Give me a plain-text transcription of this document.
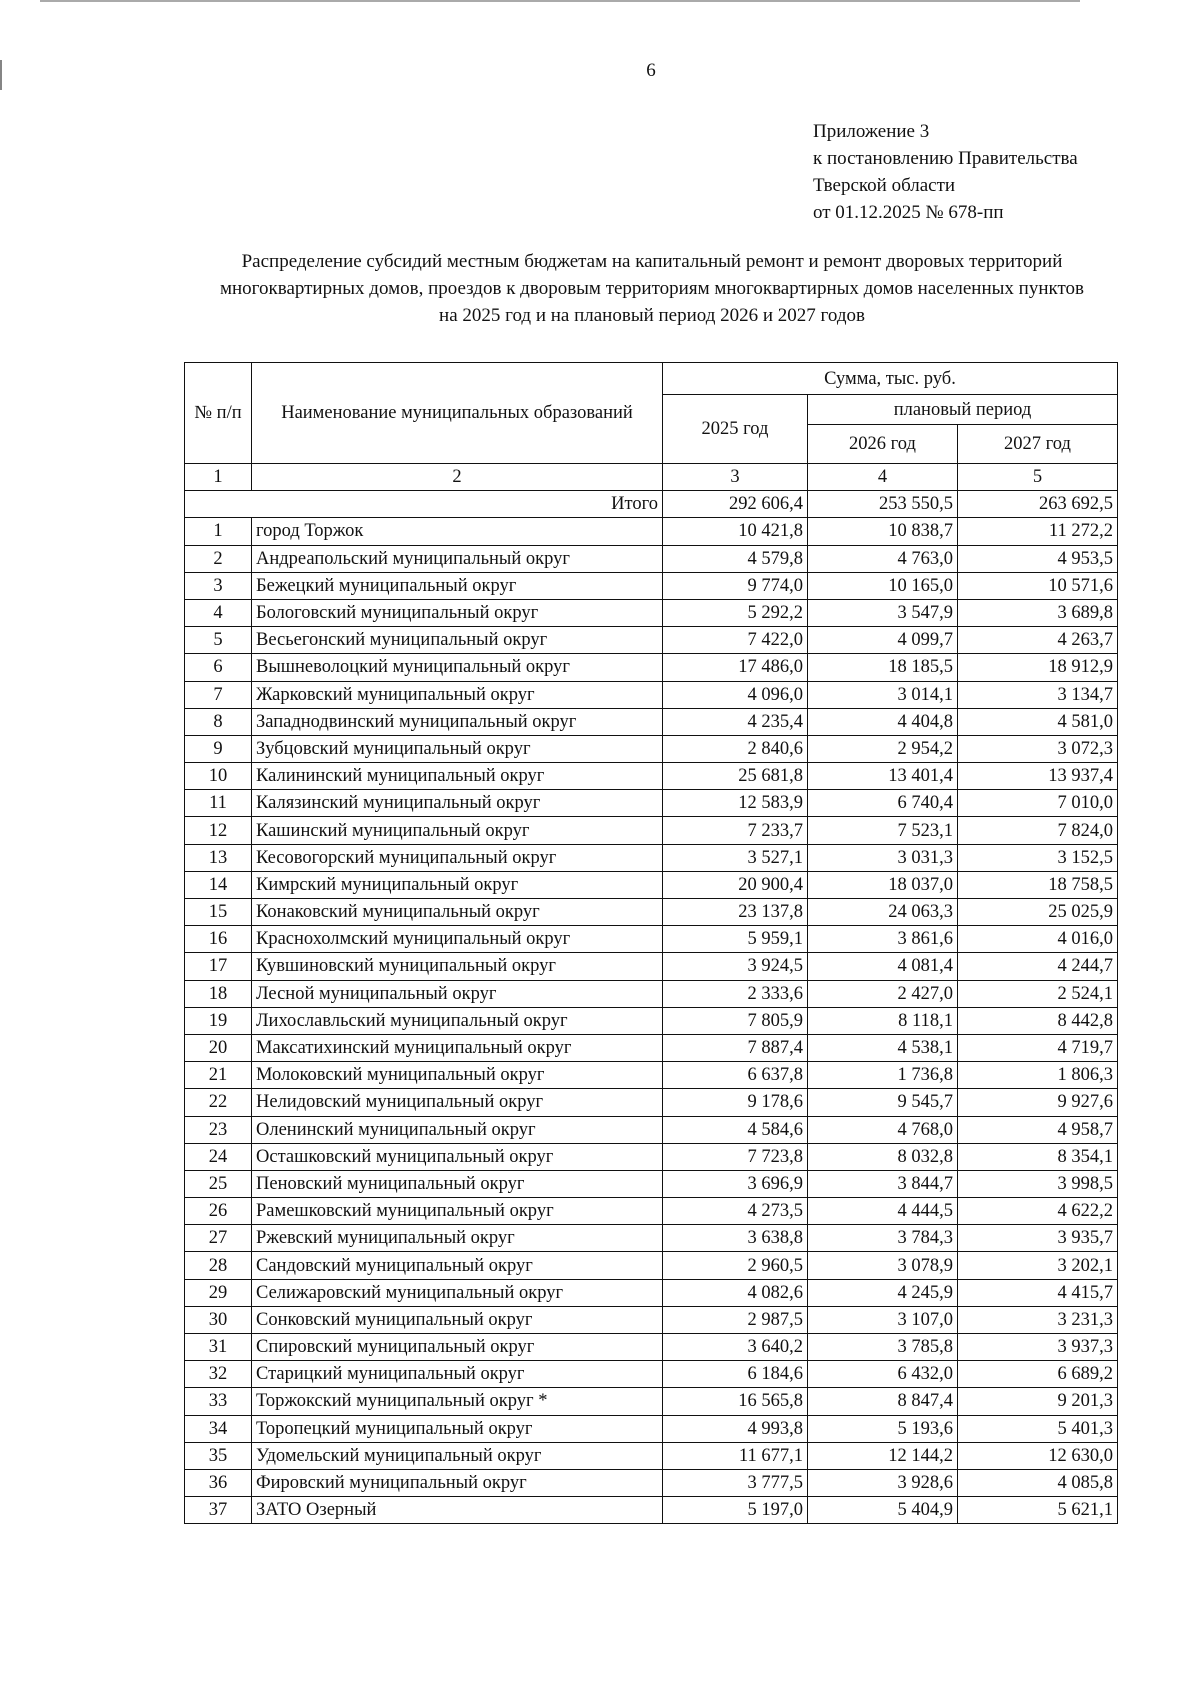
6
Приложение 3
к постановлению Правительства
Тверской области
от 01.12.2025 № 678-пп
Распределение субсидий местным бюджетам на капитальный ремонт и ремонт дворовых территорий
многоквартирных домов, проездов к дворовым территориям многоквартирных домов населенных пунктов
на 2025 год и на плановый период 2026 и 2027 годов
№ п/п	Наименование муниципальных образований	Сумма, тыс. руб.		
		2025 год	плановый период	
			2026 год	2027 год
1	2	3	4	5
Итого		292 606,4	253 550,5	263 692,5
1	город Торжок	10 421,8	10 838,7	11 272,2
2	Андреапольский муниципальный округ	4 579,8	4 763,0	4 953,5
3	Бежецкий муниципальный округ	9 774,0	10 165,0	10 571,6
4	Бологовский муниципальный округ	5 292,2	3 547,9	3 689,8
5	Весьегонский муниципальный округ	7 422,0	4 099,7	4 263,7
6	Вышневолоцкий муниципальный округ	17 486,0	18 185,5	18 912,9
7	Жарковский муниципальный округ	4 096,0	3 014,1	3 134,7
8	Западнодвинский муниципальный округ	4 235,4	4 404,8	4 581,0
9	Зубцовский муниципальный округ	2 840,6	2 954,2	3 072,3
10	Калининский муниципальный округ	25 681,8	13 401,4	13 937,4
11	Калязинский муниципальный округ	12 583,9	6 740,4	7 010,0
12	Кашинский муниципальный округ	7 233,7	7 523,1	7 824,0
13	Кесовогорский муниципальный округ	3 527,1	3 031,3	3 152,5
14	Кимрский муниципальный округ	20 900,4	18 037,0	18 758,5
15	Конаковский муниципальный округ	23 137,8	24 063,3	25 025,9
16	Краснохолмский муниципальный округ	5 959,1	3 861,6	4 016,0
17	Кувшиновский муниципальный округ	3 924,5	4 081,4	4 244,7
18	Лесной муниципальный округ	2 333,6	2 427,0	2 524,1
19	Лихославльский муниципальный округ	7 805,9	8 118,1	8 442,8
20	Максатихинский муниципальный округ	7 887,4	4 538,1	4 719,7
21	Молоковский муниципальный округ	6 637,8	1 736,8	1 806,3
22	Нелидовский муниципальный округ	9 178,6	9 545,7	9 927,6
23	Оленинский муниципальный округ	4 584,6	4 768,0	4 958,7
24	Осташковский муниципальный округ	7 723,8	8 032,8	8 354,1
25	Пеновский муниципальный округ	3 696,9	3 844,7	3 998,5
26	Рамешковский муниципальный округ	4 273,5	4 444,5	4 622,2
27	Ржевский муниципальный округ	3 638,8	3 784,3	3 935,7
28	Сандовский муниципальный округ	2 960,5	3 078,9	3 202,1
29	Селижаровский муниципальный округ	4 082,6	4 245,9	4 415,7
30	Сонковский муниципальный округ	2 987,5	3 107,0	3 231,3
31	Спировский муниципальный округ	3 640,2	3 785,8	3 937,3
32	Старицкий муниципальный округ	6 184,6	6 432,0	6 689,2
33	Торжокский муниципальный округ *	16 565,8	8 847,4	9 201,3
34	Торопецкий муниципальный округ	4 993,8	5 193,6	5 401,3
35	Удомельский муниципальный округ	11 677,1	12 144,2	12 630,0
36	Фировский муниципальный округ	3 777,5	3 928,6	4 085,8
37	ЗАТО Озерный	5 197,0	5 404,9	5 621,1
